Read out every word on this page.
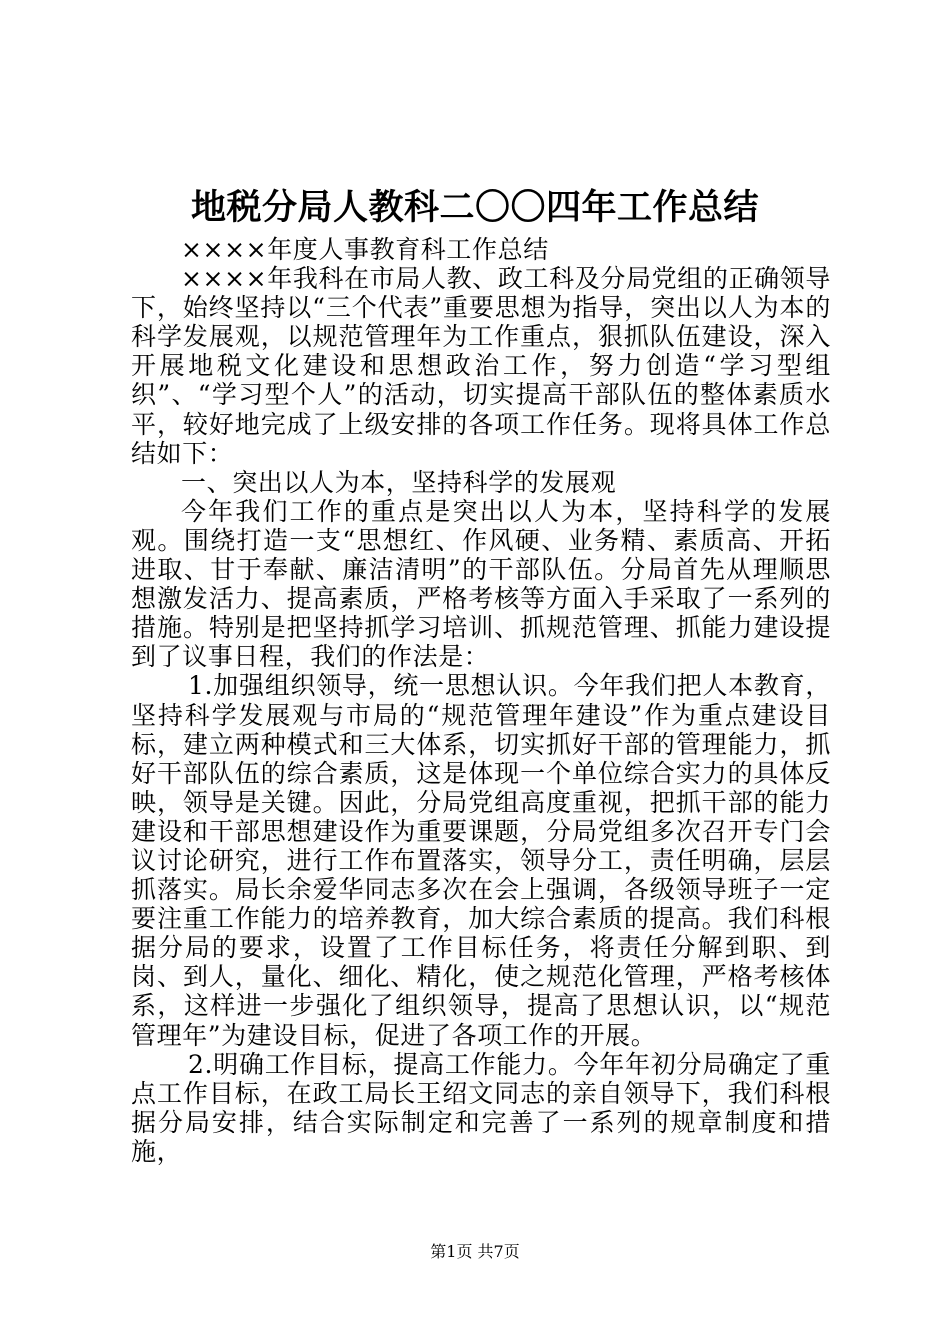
地税分局人教科二〇〇四年工作总结

××××年度人事教育科工作总结

××××年我科在市局人教、政工科及分局党组的正确领导下，始终坚持以“三个代表”重要思想为指导，突出以人为本的科学发展观，以规范管理年为工作重点，狠抓队伍建设，深入开展地税文化建设和思想政治工作，努力创造“学习型组织”、“学习型个人”的活动，切实提高干部队伍的整体素质水平，较好地完成了上级安排的各项工作任务。现将具体工作总结如下：

一、突出以人为本，坚持科学的发展观

今年我们工作的重点是突出以人为本，坚持科学的发展观。围绕打造一支“思想红、作风硬、业务精、素质高、开拓进取、甘于奉献、廉洁清明”的干部队伍。分局首先从理顺思想激发活力、提高素质，严格考核等方面入手采取了一系列的措施。特别是把坚持抓学习培训、抓规范管理、抓能力建设提到了议事日程，我们的作法是：

1.加强组织领导，统一思想认识。今年我们把人本教育，坚持科学发展观与市局的“规范管理年建设”作为重点建设目标，建立两种模式和三大体系，切实抓好干部的管理能力，抓好干部队伍的综合素质，这是体现一个单位综合实力的具体反映，领导是关键。因此，分局党组高度重视，把抓干部的能力建设和干部思想建设作为重要课题，分局党组多次召开专门会议讨论研究，进行工作布置落实，领导分工，责任明确，层层抓落实。局长余爱华同志多次在会上强调，各级领导班子一定要注重工作能力的培养教育，加大综合素质的提高。我们科根据分局的要求，设置了工作目标任务，将责任分解到职、到岗、到人，量化、细化、精化，使之规范化管理，严格考核体系，这样进一步强化了组织领导，提高了思想认识，以“规范管理年”为建设目标，促进了各项工作的开展。

2.明确工作目标，提高工作能力。今年年初分局确定了重点工作目标，在政工局长王绍文同志的亲自领导下，我们科根据分局安排，结合实际制定和完善了一系列的规章制度和措施，

第1页 共7页
